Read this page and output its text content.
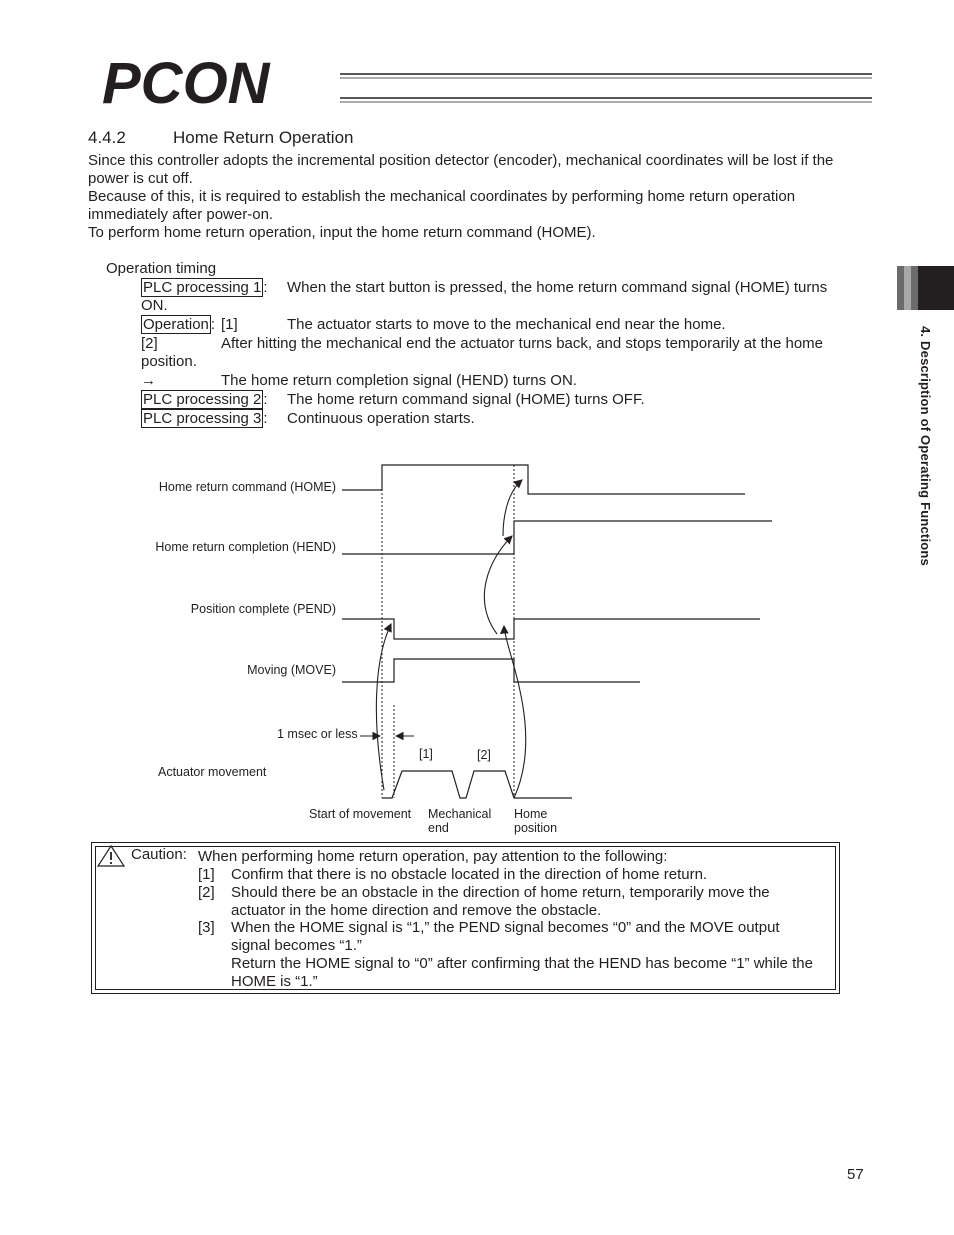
PCON
4. Description of Operating Functions
4.4.2	Home Return Operation
Since this controller adopts the incremental position detector (encoder), mechanical coordinates will be lost if the
power is cut off.
Because of this, it is required to establish the mechanical coordinates by performing home return operation
immediately after power-on.
To perform home return operation, input the home return command (HOME).
Operation timing
PLC processing 1 : When the start button is pressed, the home return command signal (HOME) turns
ON.
Operation : [1]	The actuator starts to move to the mechanical end near the home.
[2]	After hitting the mechanical end the actuator turns back, and stops temporarily at the home
position.
→	The home return completion signal (HEND) turns ON.
PLC processing 2 : The home return command signal (HOME) turns OFF.
PLC processing 3 : Continuous operation starts.
Home return command (HOME)
Home return completion (HEND)
Position complete (PEND)
Moving (MOVE)
1 msec or less
Actuator movement
[1]	[2]
Start of movement Mechanical
end
Home
position
Caution: When performing home return operation, pay attention to the following:
[1] Confirm that there is no obstacle located in the direction of home return.
[2] Should there be an obstacle in the direction of home return, temporarily move the
actuator in the home direction and remove the obstacle.
[3] When the HOME signal is “1,” the PEND signal becomes “0” and the MOVE output
signal becomes “1.”
Return the HOME signal to “0” after confirming that the HEND has become “1” while the
HOME is “1.”
57
